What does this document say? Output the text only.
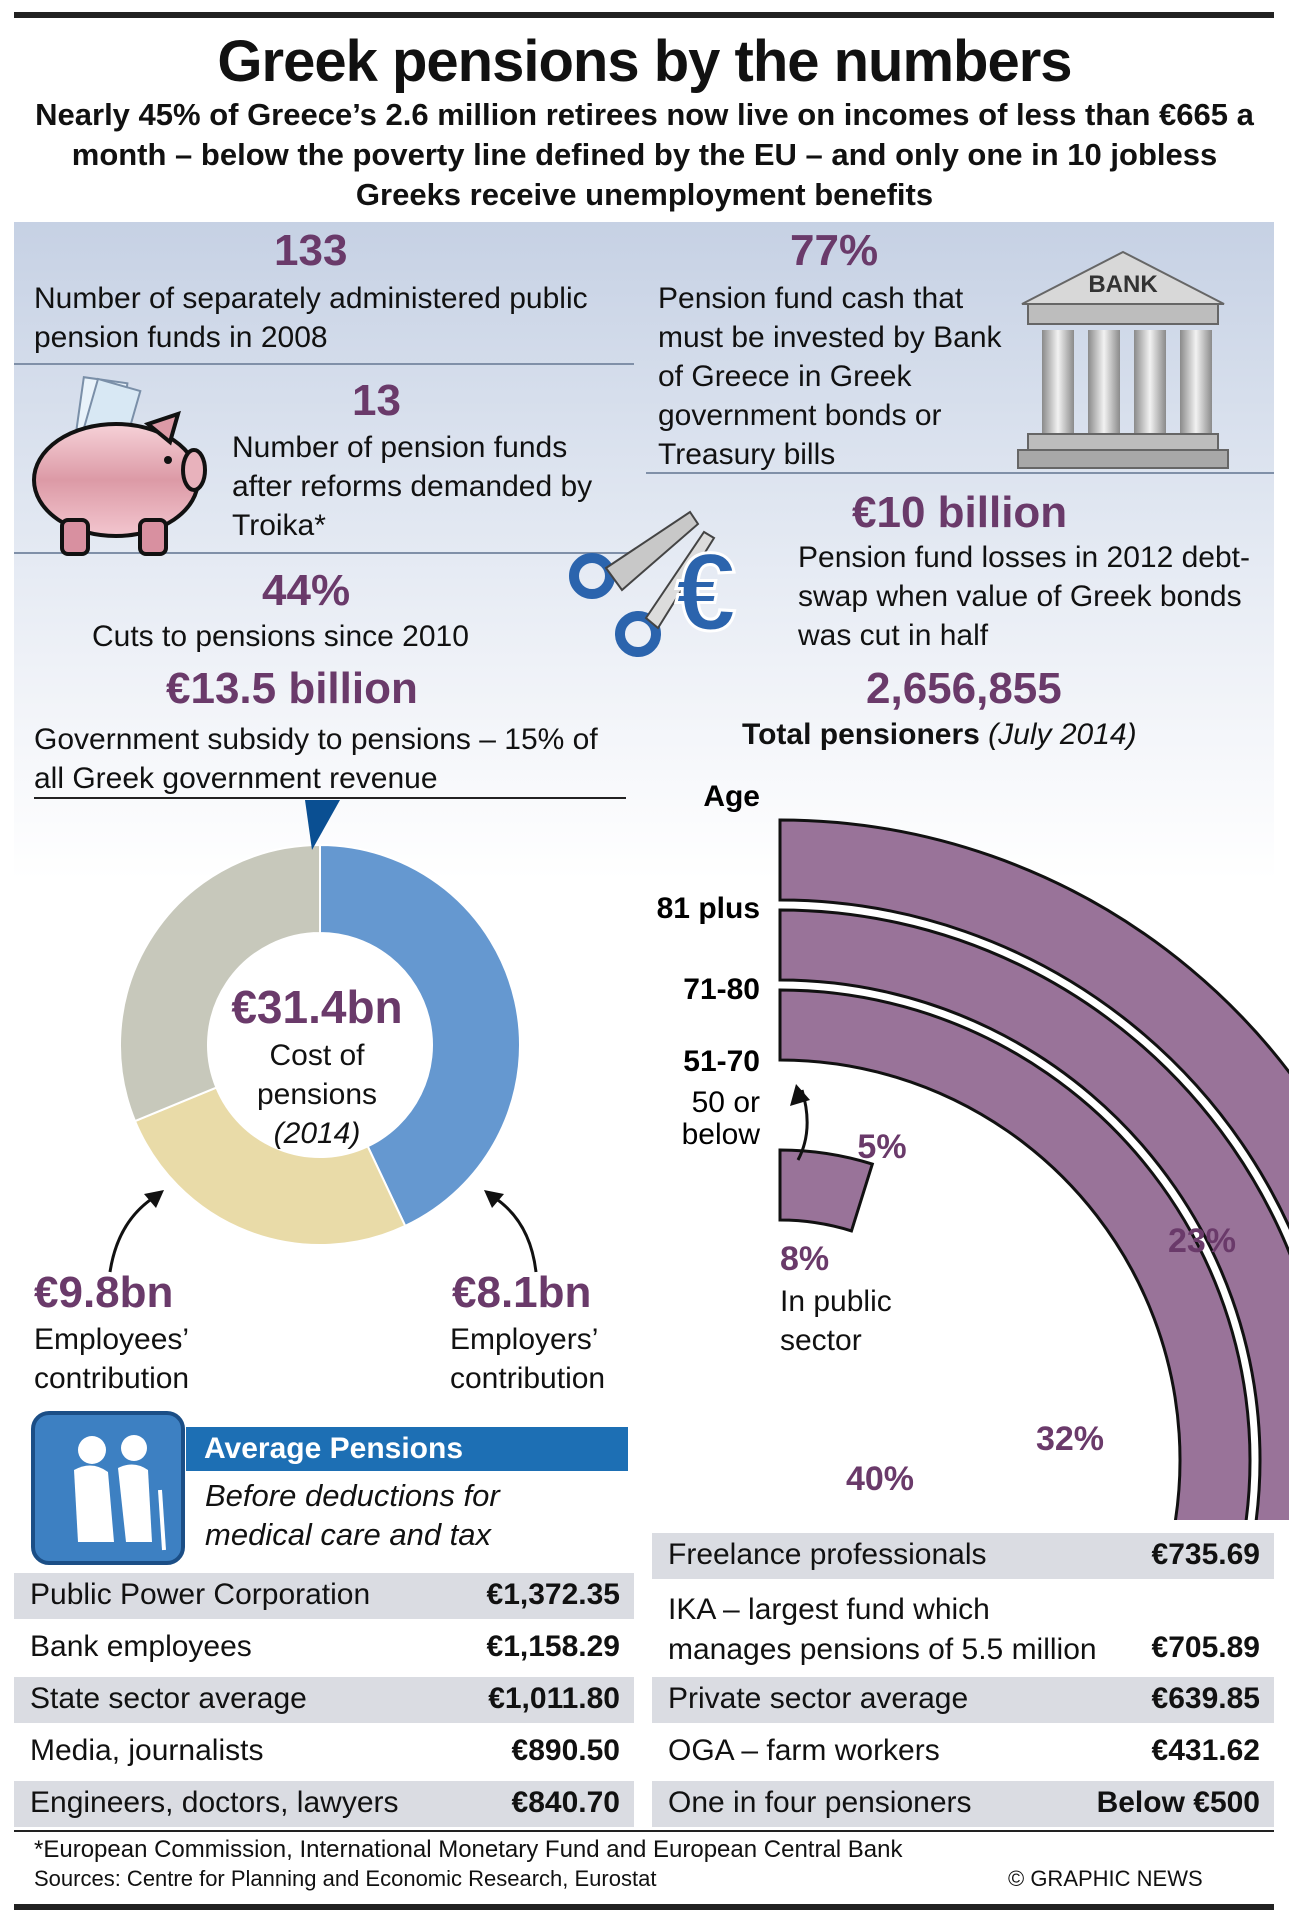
Greek pensions by the numbers
Nearly 45% of Greece’s 2.6 million retirees now live on incomes of less than €665 a month – below the poverty line defined by the EU – and only one in 10 jobless Greeks receive unemployment benefits
133
Number of separately administered public pension funds in 2008
13
Number of pension funds after reforms demanded by Troika*
44%
Cuts to pensions since 2010
77%
Pension fund cash that must be invested by Bank of Greece in Greek government bonds or Treasury bills
BANK
€10 billion
Pension fund losses in 2012 debt-swap when value of Greek bonds was cut in half
€
€13.5 billion
Government subsidy to pensions – 15% of all Greek government revenue
€31.4bn
Cost of pensions
(2014)
€9.8bn
Employees’ contribution
€8.1bn
Employers’ contribution
2,656,855
Total pensioners (July 2014)
Age
81 plus
23%
71-80
32%
51-70
40%
50 or
below	5%
8%
In public sector
Average Pensions
Before deductions for
medical care and tax
Public Power Corporation	€1,372.35
Bank employees	€1,158.29
State sector average	€1,011.80
Media, journalists	€890.50
Engineers, doctors, lawyers	€840.70
Freelance professionals	€735.69
IKA – largest fund which manages pensions of 5.5 million	€705.89
Private sector average	€639.85
OGA – farm workers	€431.62
One in four pensioners	Below €500
*European Commission, International Monetary Fund and European Central Bank
Sources: Centre for Planning and Economic Research, Eurostat	© GRAPHIC NEWS
